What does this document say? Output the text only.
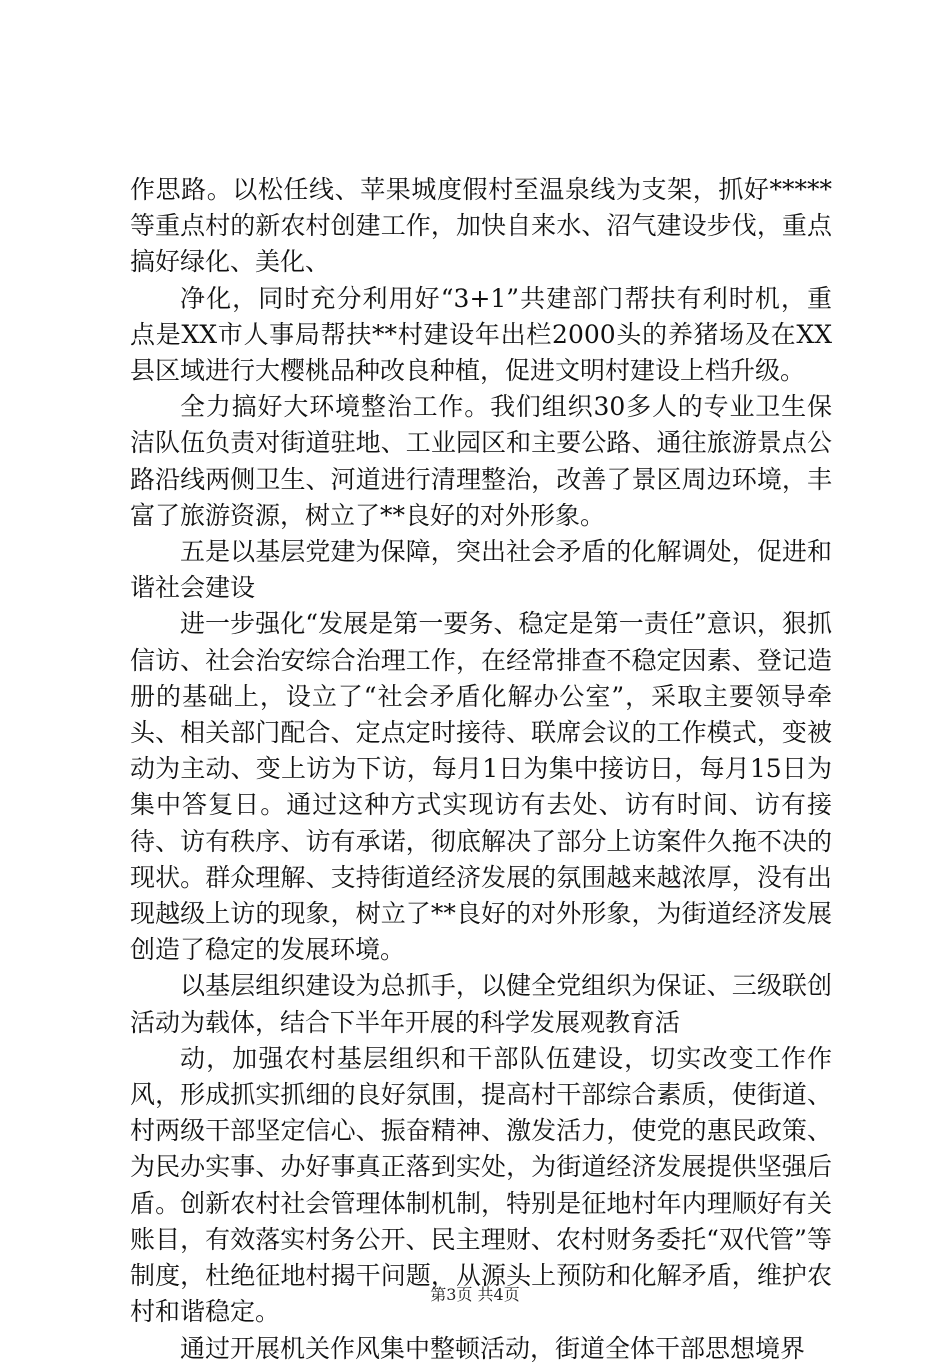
作思路。以松任线、苹果城度假村至温泉线为支架，抓好*****等重点村的新农村创建工作，加快自来水、沼气建设步伐，重点搞好绿化、美化、

净化，同时充分利用好“3+1”共建部门帮扶有利时机，重点是XX市人事局帮扶**村建设年出栏2000头的养猪场及在XX县区域进行大樱桃品种改良种植，促进文明村建设上档升级。

全力搞好大环境整治工作。我们组织30多人的专业卫生保洁队伍负责对街道驻地、工业园区和主要公路、通往旅游景点公路沿线两侧卫生、河道进行清理整治，改善了景区周边环境，丰富了旅游资源，树立了**良好的对外形象。

五是以基层党建为保障，突出社会矛盾的化解调处，促进和谐社会建设

进一步强化“发展是第一要务、稳定是第一责任”意识，狠抓信访、社会治安综合治理工作，在经常排查不稳定因素、登记造册的基础上，设立了“社会矛盾化解办公室”，采取主要领导牵头、相关部门配合、定点定时接待、联席会议的工作模式，变被动为主动、变上访为下访，每月1日为集中接访日，每月15日为集中答复日。通过这种方式实现访有去处、访有时间、访有接待、访有秩序、访有承诺，彻底解决了部分上访案件久拖不决的现状。群众理解、支持街道经济发展的氛围越来越浓厚，没有出现越级上访的现象，树立了**良好的对外形象，为街道经济发展创造了稳定的发展环境。

以基层组织建设为总抓手，以健全党组织为保证、三级联创活动为载体，结合下半年开展的科学发展观教育活

动，加强农村基层组织和干部队伍建设，切实改变工作作风，形成抓实抓细的良好氛围，提高村干部综合素质，使街道、村两级干部坚定信心、振奋精神、激发活力，使党的惠民政策、为民办实事、办好事真正落到实处，为街道经济发展提供坚强后盾。创新农村社会管理体制机制，特别是征地村年内理顺好有关账目，有效落实村务公开、民主理财、农村财务委托“双代管”等制度，杜绝征地村揭干问题，从源头上预防和化解矛盾，维护农村和谐稳定。

通过开展机关作风集中整顿活动，街道全体干部思想境界

第3页 共4页
